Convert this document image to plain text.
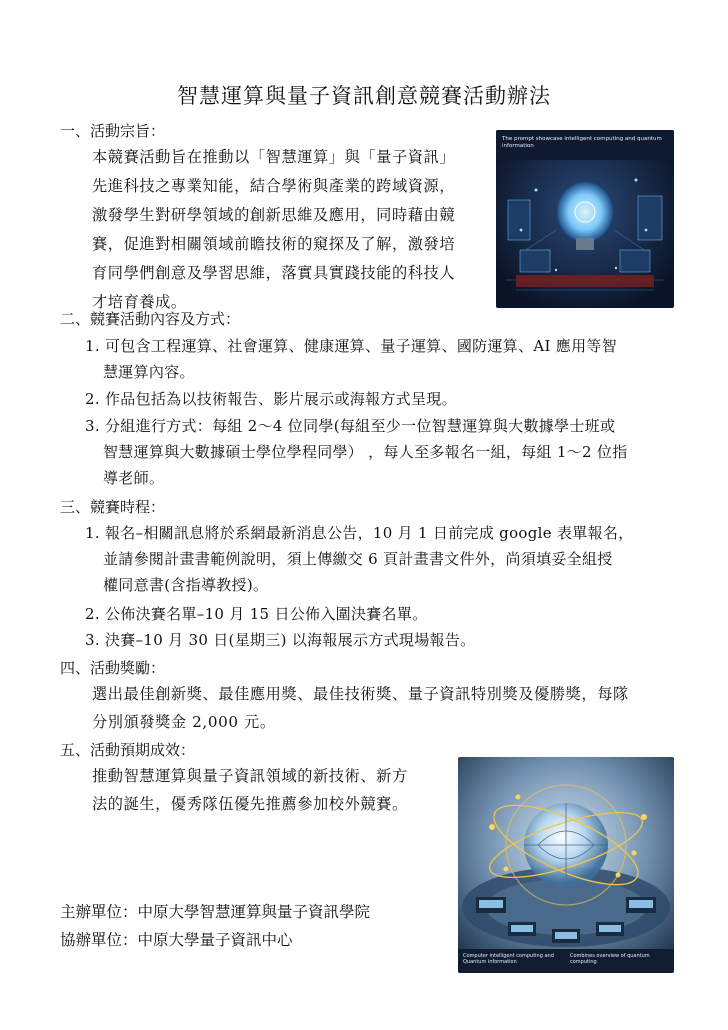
智慧運算與量子資訊創意競賽活動辦法
一、活動宗旨：
本競賽活動旨在推動以「智慧運算」與「量子資訊」
先進科技之專業知能，結合學術與產業的跨域資源，
激發學生對研學領域的創新思維及應用，同時藉由競
賽，促進對相關領域前瞻技術的窺探及了解，激發培
育同學們創意及學習思維，落實具實踐技能的科技人
才培育養成。
The prompt showcase intelligent computing and quantum information
二、競賽活動內容及方式：
1. 可包含工程運算、社會運算、健康運算、量子運算、國防運算、AI 應用等智
慧運算內容。
2. 作品包括為以技術報告、影片展示或海報方式呈現。
3. 分組進行方式：每組 2～4 位同學(每組至少一位智慧運算與大數據學士班或
智慧運算與大數據碩士學位學程同學） ，每人至多報名一組，每組 1～2 位指
導老師。
三、競賽時程：
1. 報名–相關訊息將於系網最新消息公告，10 月 1 日前完成 google 表單報名，
並請參閱計畫書範例說明，須上傳繳交 6 頁計畫書文件外，尚須填妥全組授
權同意書(含指導教授)。
2. 公佈決賽名單–10 月 15 日公佈入圍決賽名單。
3. 決賽–10 月 30 日(星期三) 以海報展示方式現場報告。
四、活動獎勵：
選出最佳創新獎、最佳應用獎、最佳技術獎、量子資訊特別獎及優勝獎，每隊
分別頒發獎金 2,000 元。
五、活動預期成效：
推動智慧運算與量子資訊領域的新技術、新方
法的誕生，優秀隊伍優先推薦參加校外競賽。
Computer intelligent computing and Quantum information
Combines overview of quantum computing
主辦單位：中原大學智慧運算與量子資訊學院
協辦單位：中原大學量子資訊中心
